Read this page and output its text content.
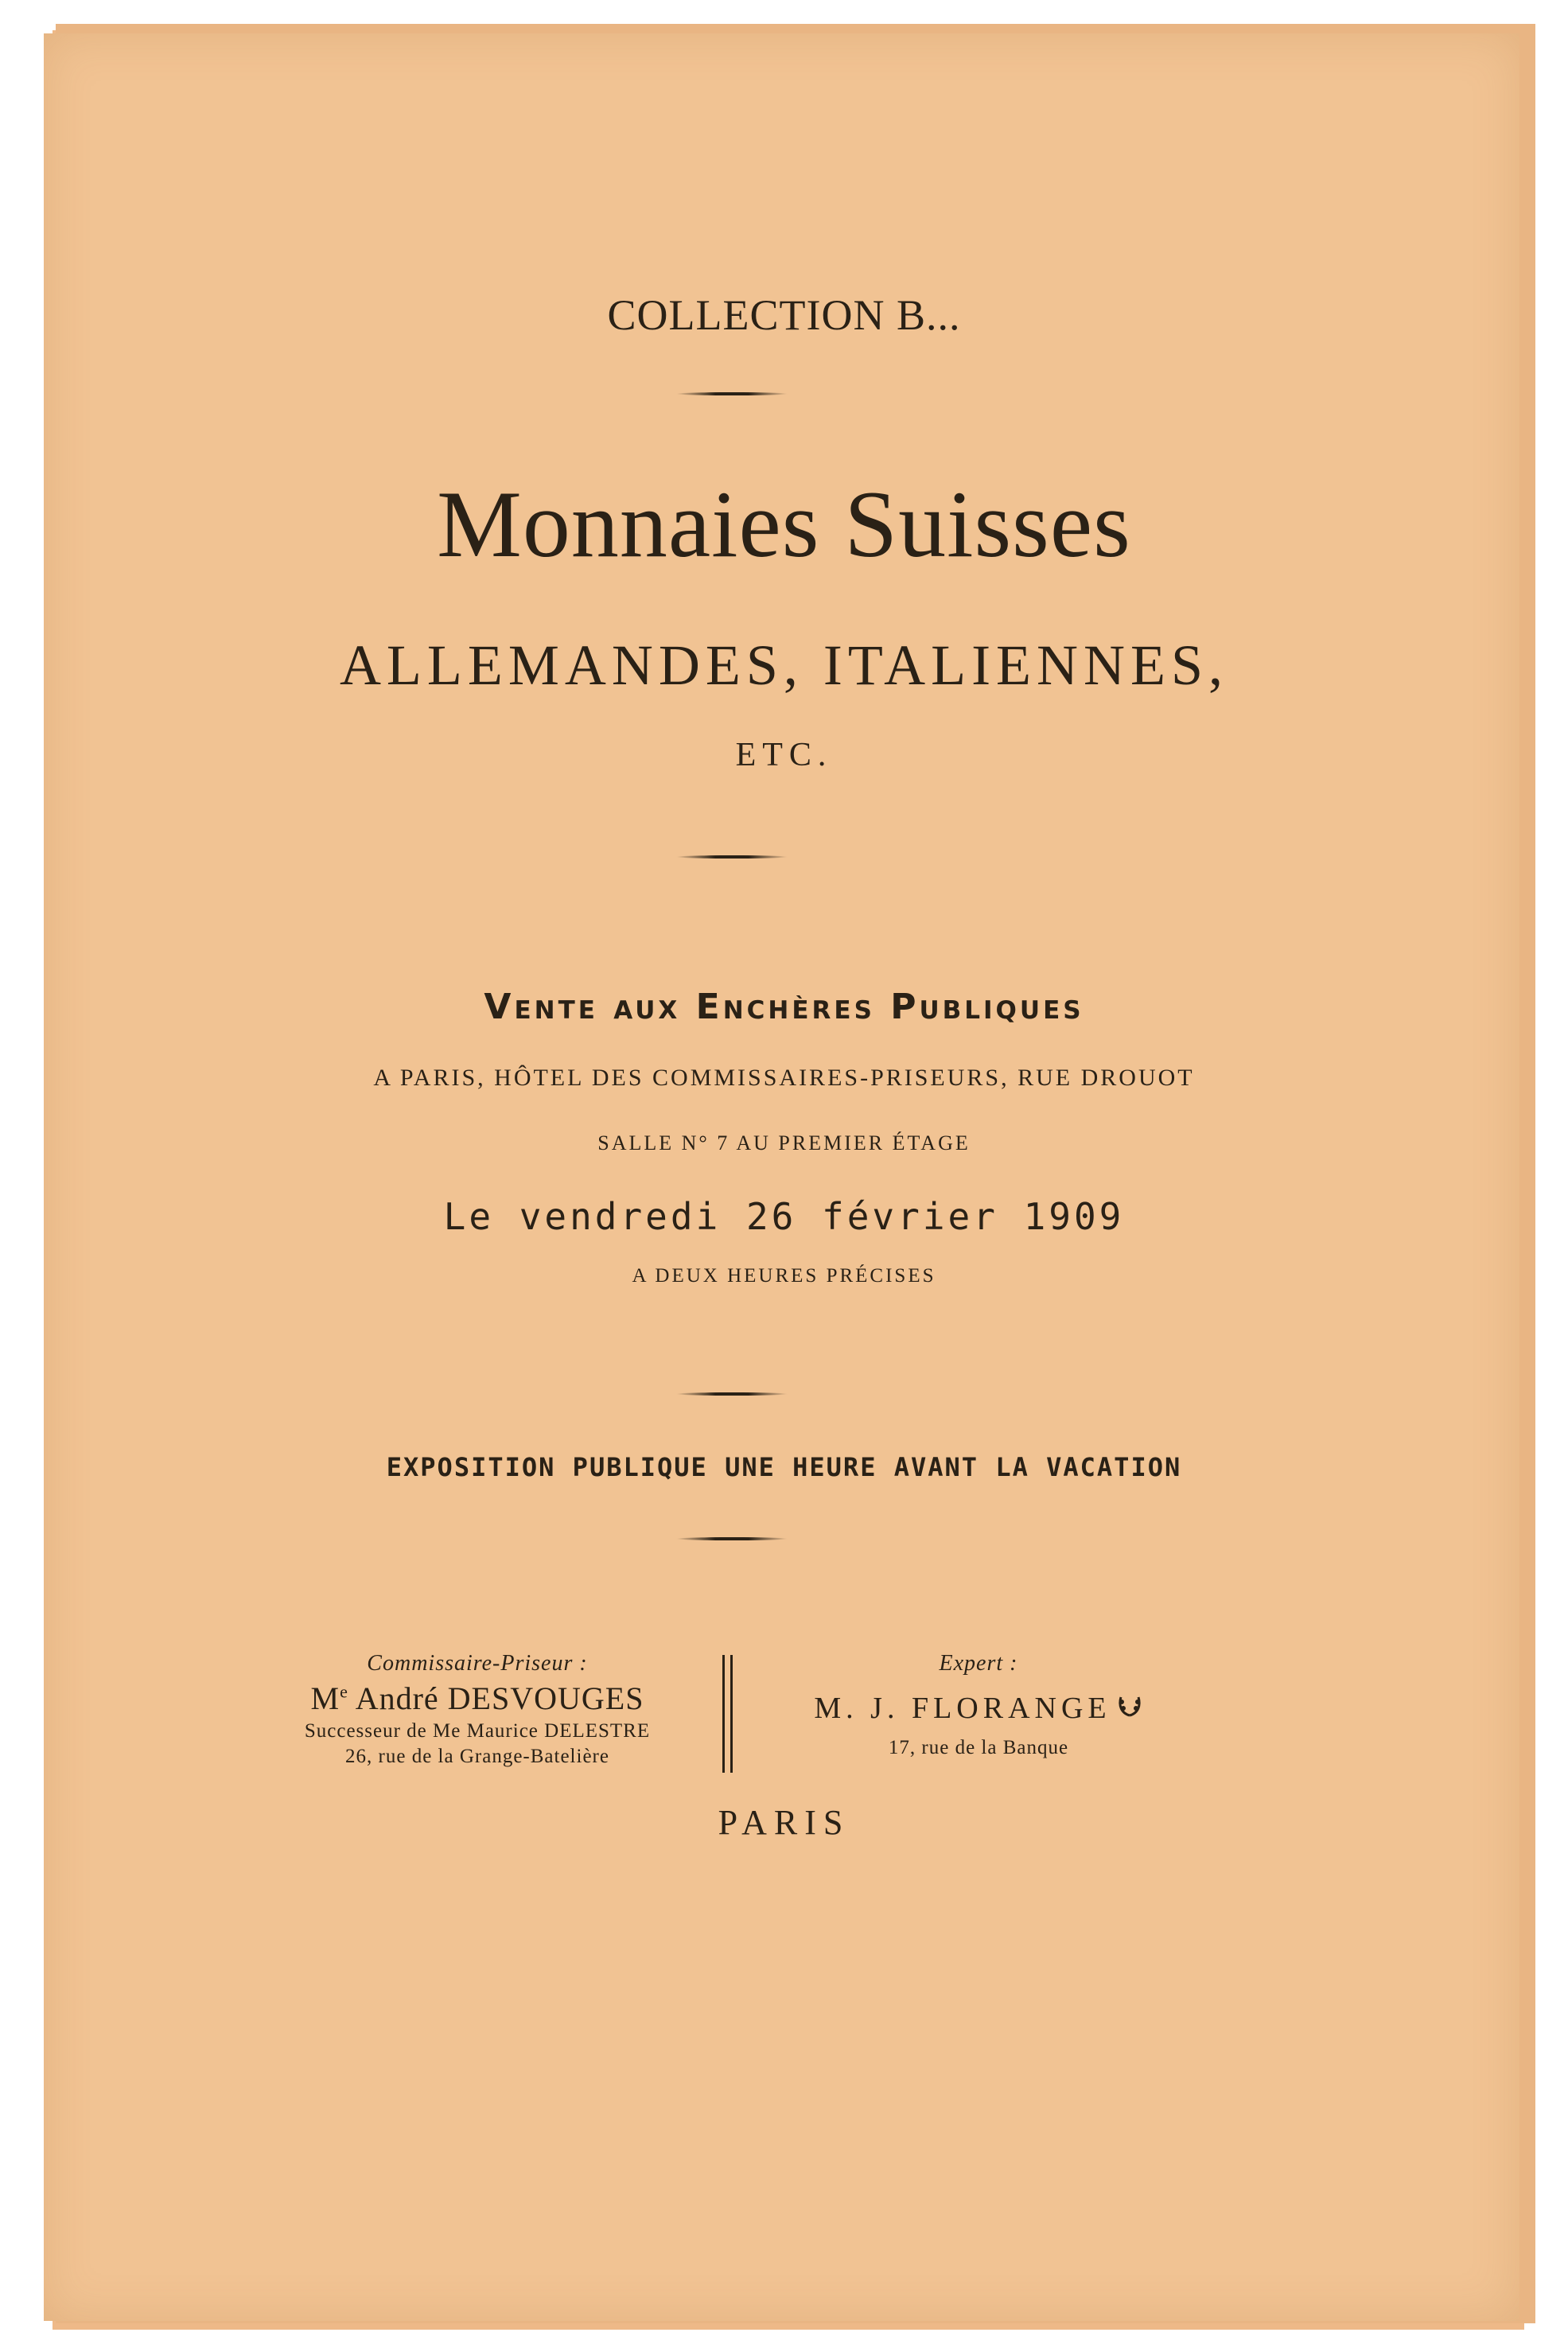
COLLECTION B...
Monnaies Suisses
ALLEMANDES, ITALIENNES,
ETC.
Vente aux Enchères Publiques
A PARIS, HÔTEL DES COMMISSAIRES-PRISEURS, RUE DROUOT
SALLE N° 7 AU PREMIER ÉTAGE
Le vendredi 26 février 1909
A DEUX HEURES PRÉCISES
EXPOSITION PUBLIQUE UNE HEURE AVANT LA VACATION
Commissaire-Priseur :
Me André DESVOUGES
Successeur de Me Maurice DELESTRE
26, rue de la Grange-Batelière
Expert :
M. J. FLORANGE
17, rue de la Banque
PARIS
